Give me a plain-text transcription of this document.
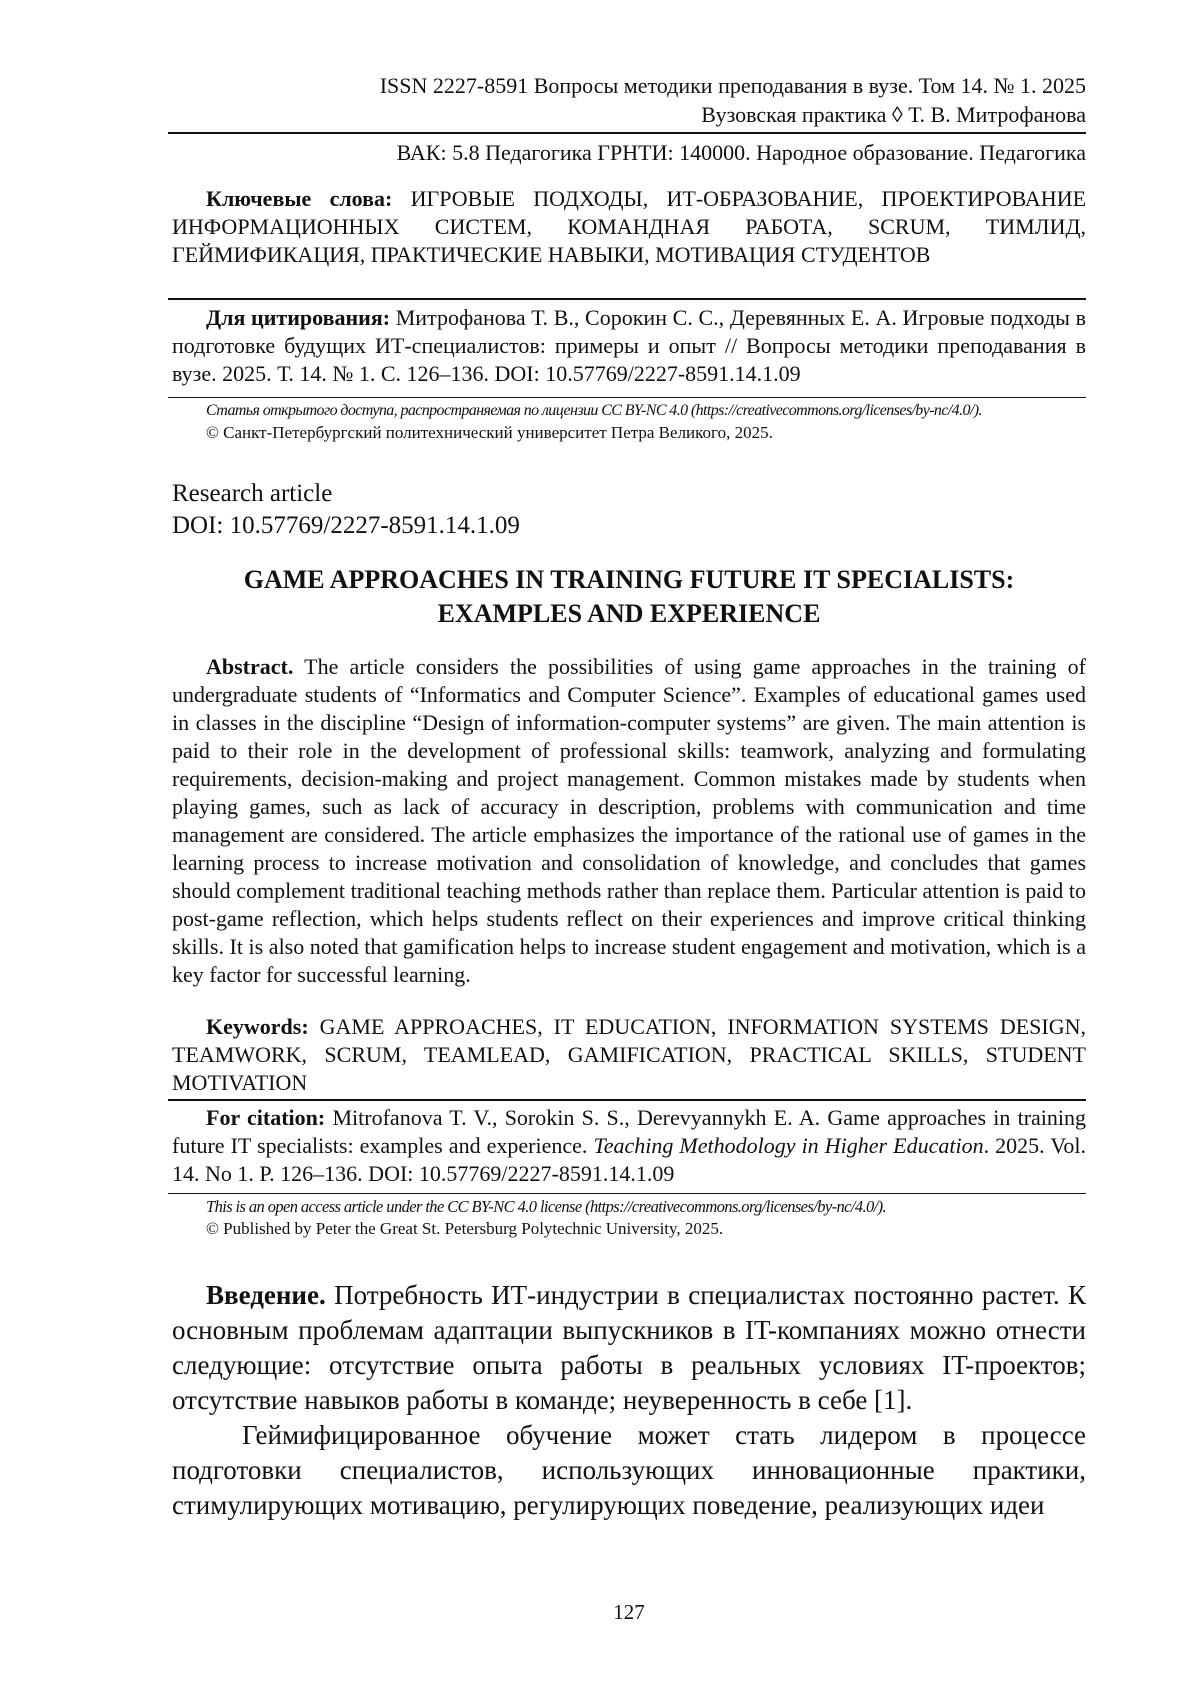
ISSN 2227-8591 Вопросы методики преподавания в вузе. Том 14. № 1. 2025
Вузовская практика ◊ Т. В. Митрофанова
ВАК: 5.8 Педагогика ГРНТИ: 140000. Народное образование. Педагогика
Ключевые слова: ИГРОВЫЕ ПОДХОДЫ, ИТ-ОБРАЗОВАНИЕ, ПРОЕКТИРОВАНИЕ ИНФОРМАЦИОННЫХ СИСТЕМ, КОМАНДНАЯ РАБОТА, SCRUM, ТИМЛИД, ГЕЙМИФИКАЦИЯ, ПРАКТИЧЕСКИЕ НАВЫКИ, МОТИВАЦИЯ СТУДЕНТОВ
Для цитирования: Митрофанова Т. В., Сорокин С. С., Деревянных Е. А. Игровые подходы в подготовке будущих ИТ-специалистов: примеры и опыт // Вопросы методики преподавания в вузе. 2025. Т. 14. № 1. С. 126–136. DOI: 10.57769/2227-8591.14.1.09
Статья открытого доступа, распространяемая по лицензии CC BY-NC 4.0 (https://creativecommons.org/licenses/by-nc/4.0/).
© Санкт-Петербургский политехнический университет Петра Великого, 2025.
Research article
DOI: 10.57769/2227-8591.14.1.09
GAME APPROACHES IN TRAINING FUTURE IT SPECIALISTS:
EXAMPLES AND EXPERIENCE
Abstract. The article considers the possibilities of using game approaches in the training of undergraduate students of “Informatics and Computer Science”. Examples of educational games used in classes in the discipline “Design of information-computer systems” are given. The main attention is paid to their role in the development of professional skills: teamwork, analyzing and formulating requirements, decision-making and project management. Common mistakes made by students when playing games, such as lack of accuracy in description, problems with communication and time management are considered. The article emphasizes the importance of the rational use of games in the learning process to increase motivation and consolidation of knowledge, and concludes that games should complement traditional teaching methods rather than replace them. Particular attention is paid to post-game reflection, which helps students reflect on their experiences and improve critical thinking skills. It is also noted that gamification helps to increase student engagement and motivation, which is a key factor for successful learning.
Keywords: GAME APPROACHES, IT EDUCATION, INFORMATION SYSTEMS DESIGN, TEAMWORK, SCRUM, TEAMLEAD, GAMIFICATION, PRACTICAL SKILLS, STUDENT MOTIVATION
For citation: Mitrofanova T. V., Sorokin S. S., Derevyannykh E. A. Game approaches in training future IT specialists: examples and experience. Teaching Methodology in Higher Education. 2025. Vol. 14. No 1. P. 126–136. DOI: 10.57769/2227-8591.14.1.09
This is an open access article under the CC BY-NC 4.0 license (https://creativecommons.org/licenses/by-nc/4.0/).
© Published by Peter the Great St. Petersburg Polytechnic University, 2025.
Введение. Потребность ИТ-индустрии в специалистах постоянно растет. К основным проблемам адаптации выпускников в IT-компаниях можно отнести следующие: отсутствие опыта работы в реальных условиях IT-проектов; отсутствие навыков работы в команде; неуверенность в себе [1].
Геймифицированное обучение может стать лидером в процессе подготовки специалистов, использующих инновационные практики, стимулирующих мотивацию, регулирующих поведение, реализующих идеи
127
